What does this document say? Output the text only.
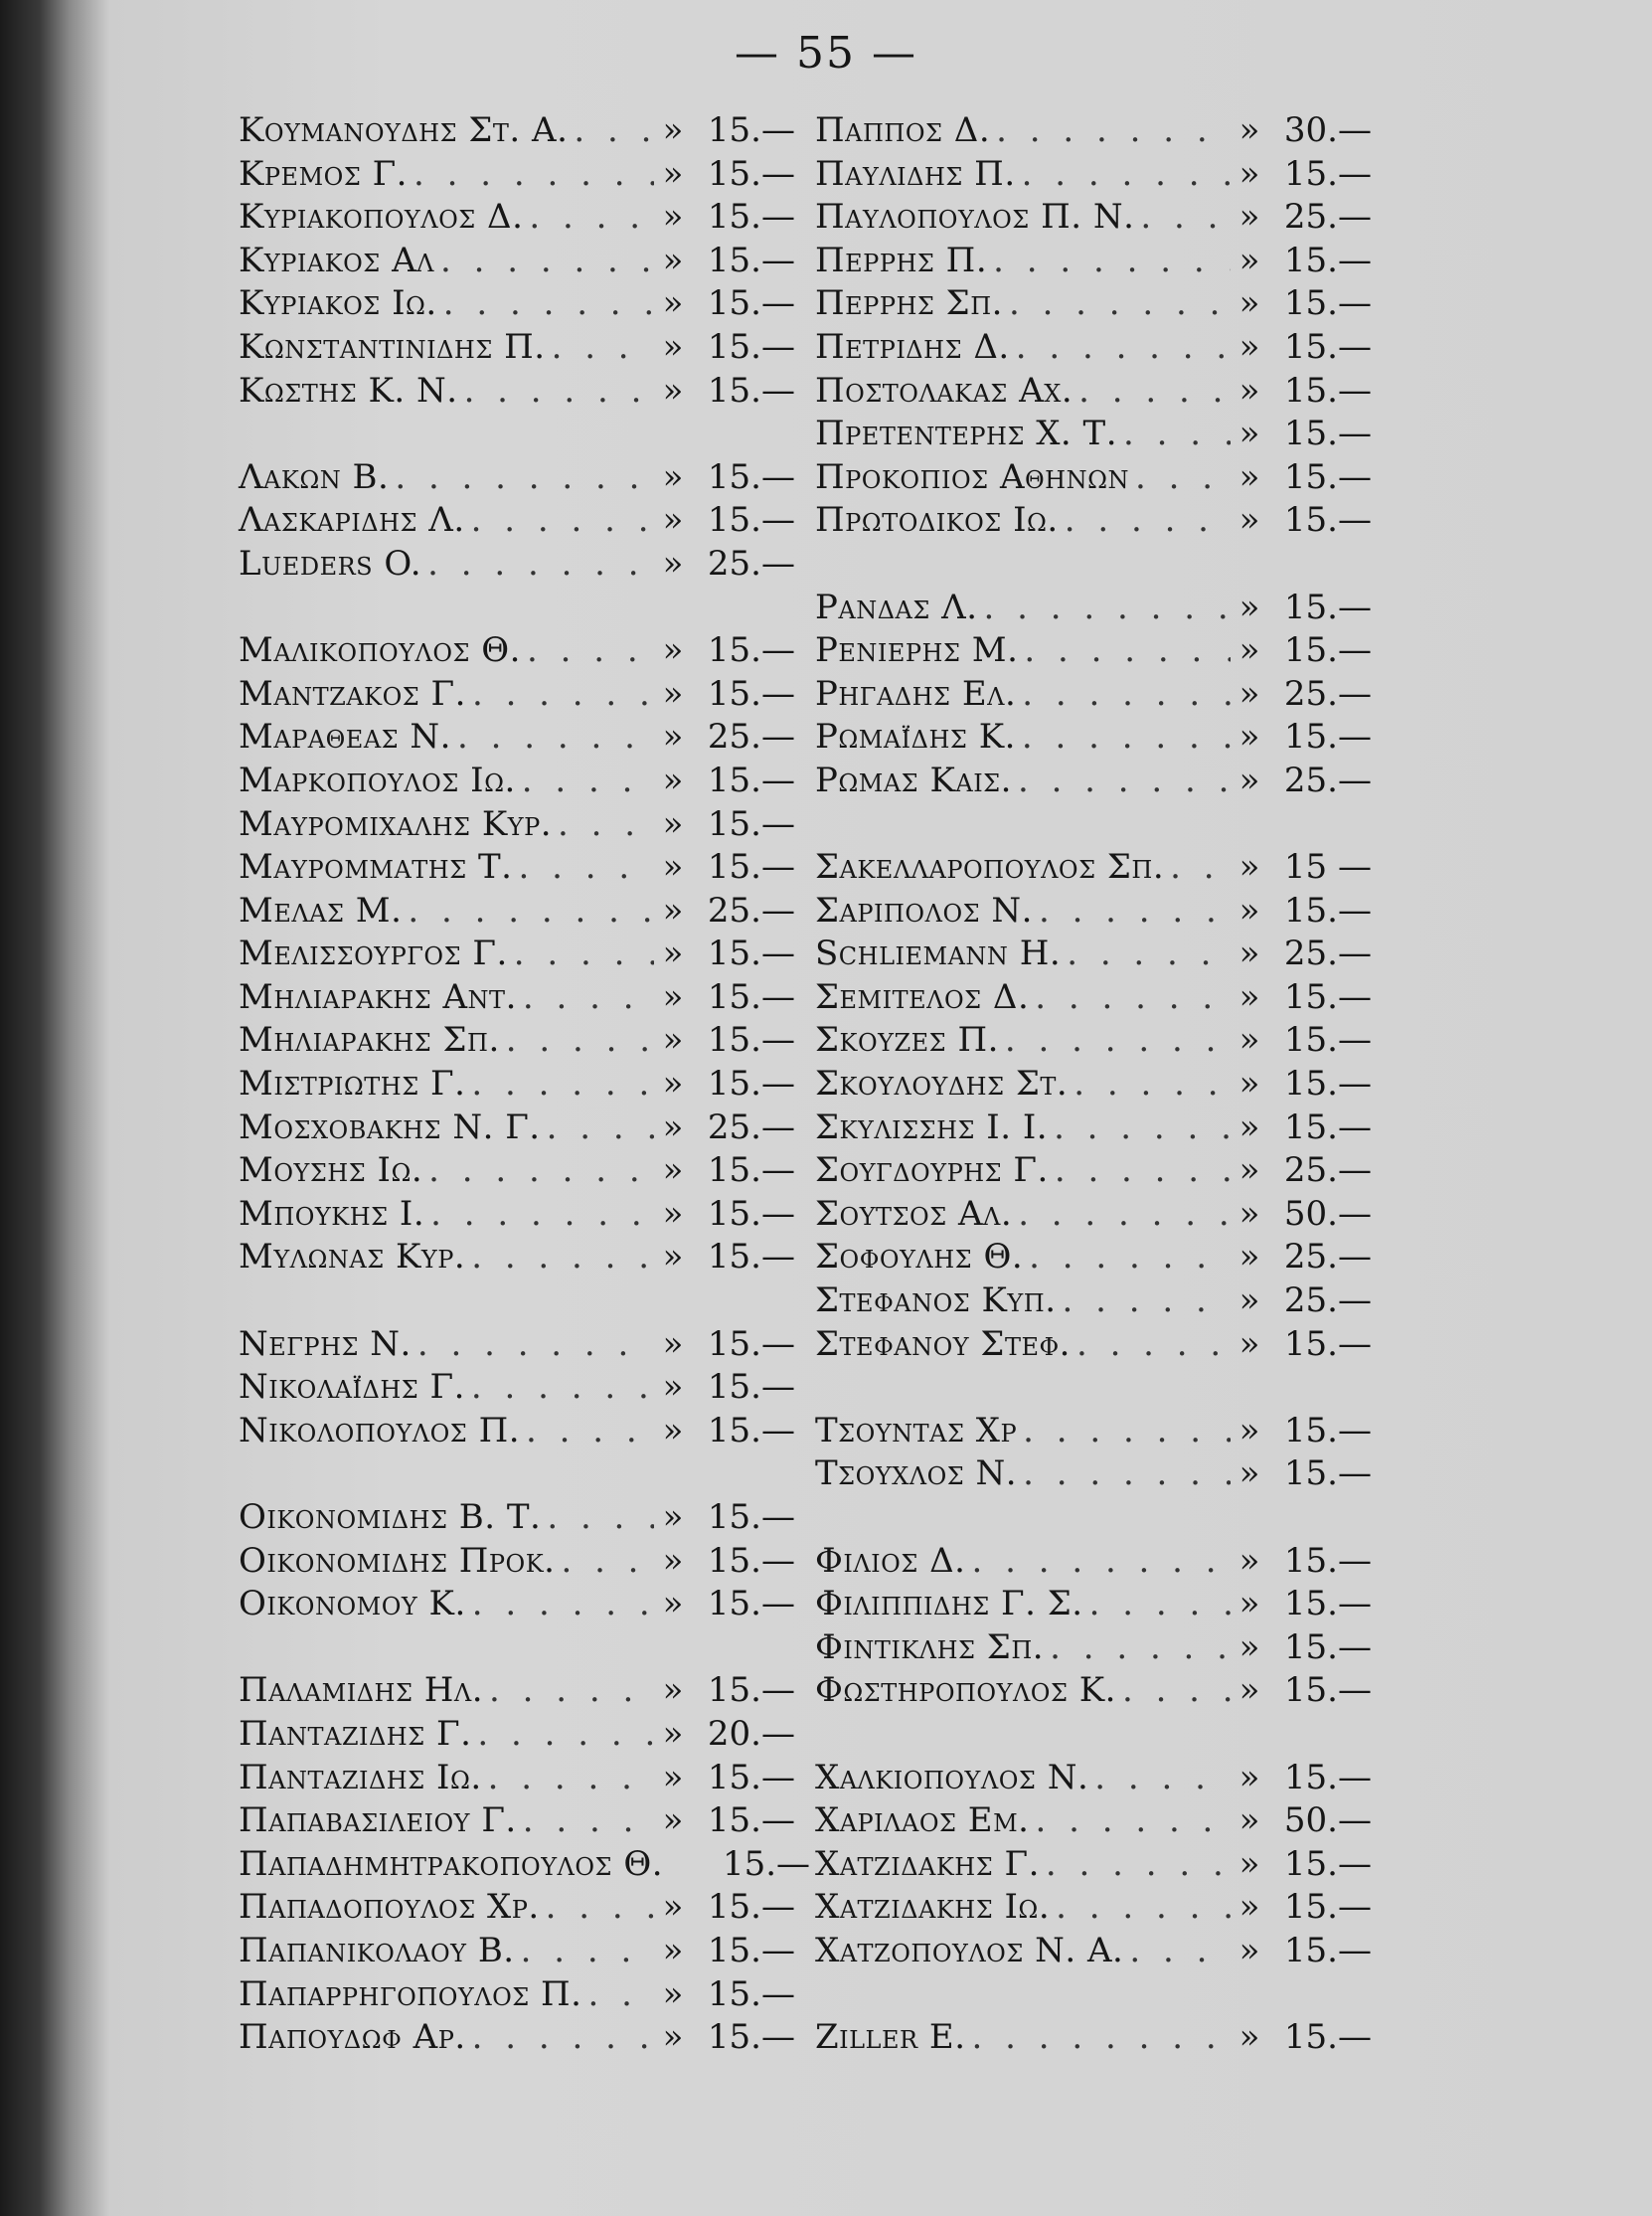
— 55 —
Κουμανουδης Στ. Α. . . .	» 15.—
Κρεμος Γ. . . .	» 15.—
Κυριακοπουλος Δ. . . .	» 15.—
Κυριακος Αλ . . .	» 15.—
Κυριακος Ιω. . . .	» 15.—
Κωνσταντινιδης Π. . . .	» 15.—
Κωστης Κ. Ν. . . .	» 15.—
Λακων Β. . . .	» 15.—
Λασκαριδης Λ. . . .	» 15.—
Lueders O. . . .	» 25.—
Μαλικοπουλος Θ. . . .	» 15.—
Μαντζακος Γ. . . .	» 15.—
Μαραθεας Ν. . . .	» 25.—
Μαρκοπουλος Ιω. . . .	» 15.—
Μαυρομιχαλης Κυρ. . . .	» 15.—
Μαυρομματης Τ. . . .	» 15.—
Μελας Μ. . . .	» 25.—
Μελισσουργος Γ. . . .	» 15.—
Μηλιαρακης Αντ. . . .	» 15.—
Μηλιαρακης Σπ. . . .	» 15.—
Μιστριωτης Γ. . . .	» 15.—
Μοσχοβακης Ν. Γ. . . .	» 25.—
Μουσης Ιω. . . .	» 15.—
Μπουκης Ι. . . .	» 15.—
Μυλωνας Κυρ. . . .	» 15.—
Νεγρης Ν. . . .	» 15.—
Νικολαΐδης Γ. . . .	» 15.—
Νικολοπουλος Π. . . .	» 15.—
Οικονομιδης Β. Τ. . . .	» 15.—
Οικονομιδης Προκ. . . .	» 15.—
Οικονομου Κ. . . .	» 15.—
Παλαμιδης Ηλ. . . .	» 15.—
Πανταζιδης Γ. . . .	» 20.—
Πανταζιδης Ιω. . . .	» 15.—
Παπαβασιλειου Γ. . . .	» 15.—
Παπαδημητρακοπουλος Θ.	15.—
Παπαδοπουλος Χρ. . . .	» 15.—
Παπανικολαου Β. . . .	» 15.—
Παπαρρηγοπουλος Π. . . . » 15.—
Παπουδωφ Αρ. . . .	» 15.—
Παππος Δ. . . .	» 30.—
Παυλιδης Π. . . .	» 15.—
Παυλοπουλος Π. Ν. . . .	» 25.—
Περρης Π. . . .	» 15.—
Περρης Σπ. . . .	» 15.—
Πετριδης Δ. . . .	» 15.—
Ποστολακας Αχ. . . .	» 15.—
Πρετεντερης Χ. Τ. . . .	» 15.—
Προκοπιος Αθηνων . . .	» 15.—
Πρωτοδικος Ιω. . . .	» 15.—
Ρανδας Λ. . . .	» 15.—
Ρενιερης Μ. . . .	» 15.—
Ρηγαδης Ελ. . . .	» 25.—
Ρωμαΐδης Κ. . . .	» 15.—
Ρωμας Καισ. . . .	» 25.—
Σακελλαροπουλος Σπ. . . . » 15 —
Σαριπολος Ν. . . .	» 15.—
Schliemann H. . . .	» 25.—
Σεμιτελος Δ. . . .	» 15.—
Σκουζες Π. . . .	» 15.—
Σκουλουδης Στ. . . .	» 15.—
Σκυλισσης Ι. Ι. . . .	» 15.—
Σουγδουρης Γ. . . .	» 25.—
Σουτσος Αλ. . . .	» 50.—
Σοφουλης Θ. . . .	» 25.—
Στεφανος Κυπ. . . .	» 25.—
Στεφανου Στεφ. . . .	» 15.—
Τσουντας Χρ . . .	» 15.—
Τσουχλος Ν. . . .	» 15.—
Φιλιος Δ. . . .	» 15.—
Φιλιππιδης Γ. Σ. . . .	» 15.—
Φιντικλης Σπ. . . .	» 15.—
Φωστηροπουλος Κ. . . .	» 15.—
Χαλκιοπουλος Ν. . . .	» 15.—
Χαριλαος Εμ. . . .	» 50.—
Χατζιδακης Γ. . . .	» 15.—
Χατζιδακης Ιω. . . .	» 15.—
Χατζοπουλος Ν. Α. . . .	» 15.—
Ziller E. . . .	» 15.—
